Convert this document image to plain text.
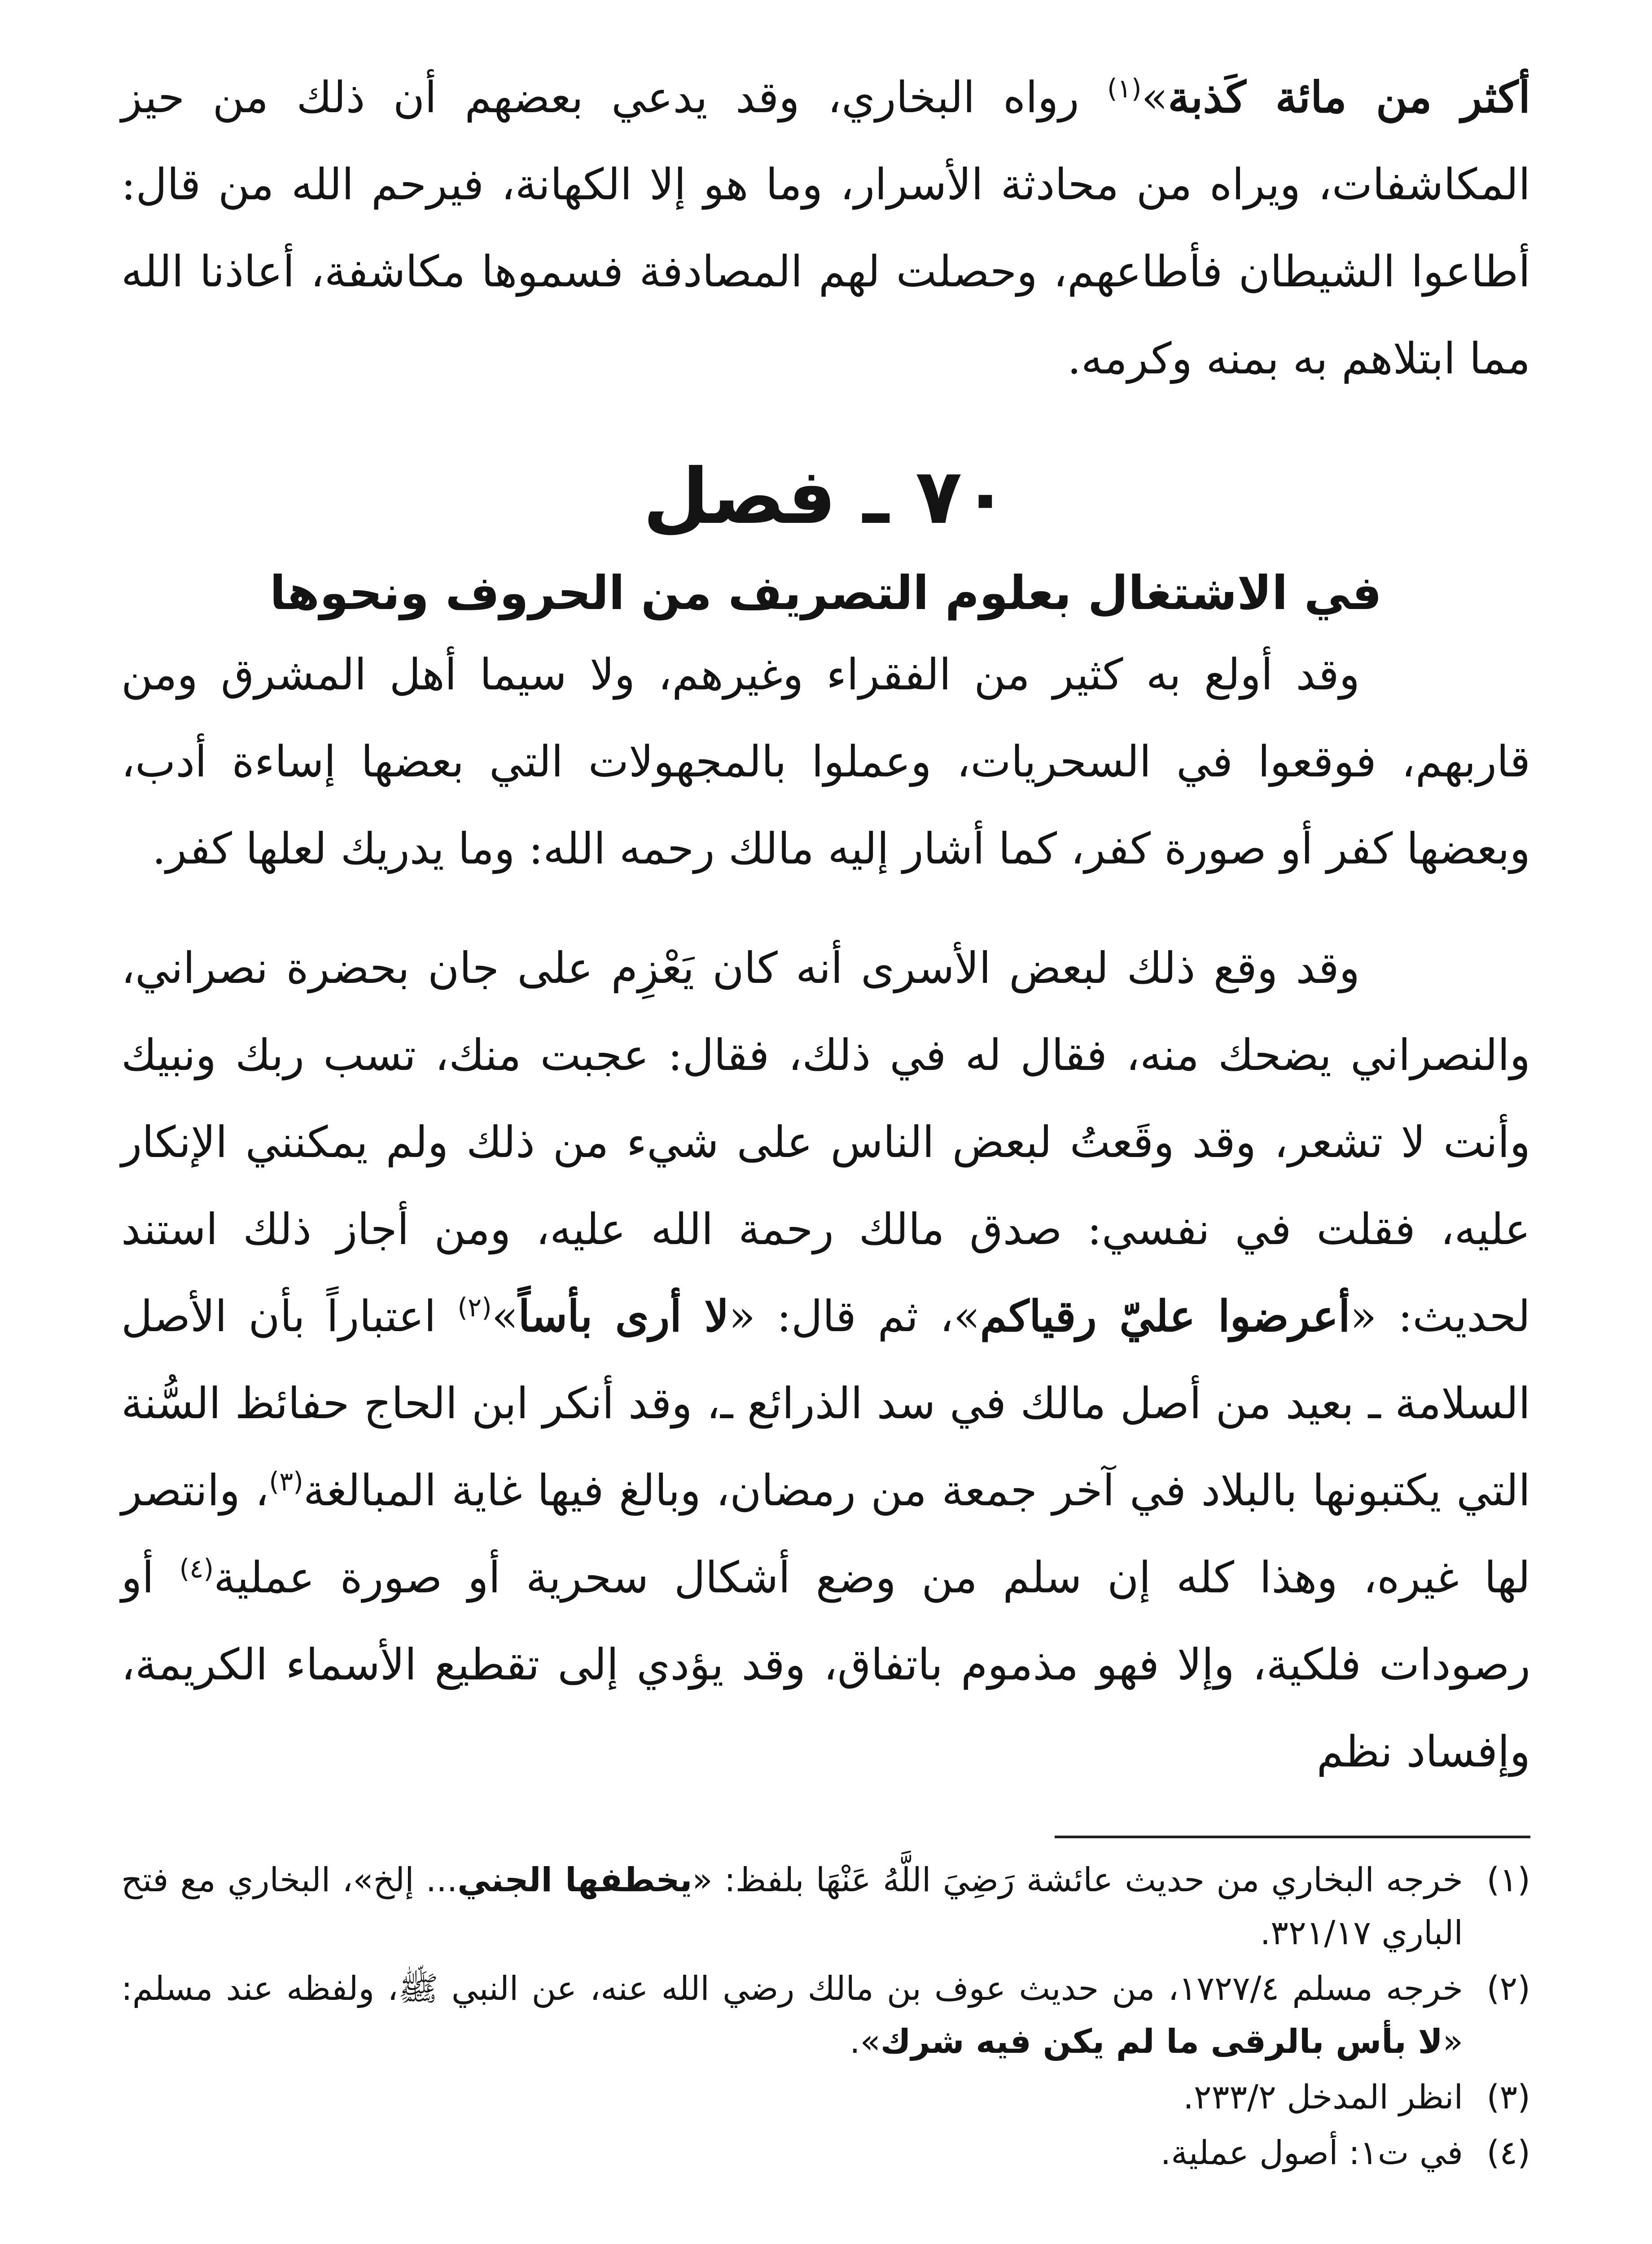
أكثر من مائة كَذبة»$^{(١)}$ رواه البخاري، وقد يدعي بعضهم أن ذلك من حيز المكاشفات، ويراه من محادثة الأسرار، وما هو إلا الكهانة، فيرحم الله من قال: أطاعوا الشيطان فأطاعهم، وحصلت لهم المصادفة فسموها مكاشفة، أعاذنا الله مما ابتلاهم به بمنه وكرمه.

٧٠ ـ فصل
في الاشتغال بعلوم التصريف من الحروف ونحوها

وقد أولع به كثير من الفقراء وغيرهم، ولا سيما أهل المشرق ومن قاربهم، فوقعوا في السحريات، وعملوا بالمجهولات التي بعضها إساءة أدب، وبعضها كفر أو صورة كفر، كما أشار إليه مالك رحمه الله: وما يدريك لعلها كفر.

وقد وقع ذلك لبعض الأسرى أنه كان يَعْزِم على جان بحضرة نصراني، والنصراني يضحك منه، فقال له في ذلك، فقال: عجبت منك، تسب ربك ونبيك وأنت لا تشعر، وقد وقَعتُ لبعض الناس على شيء من ذلك ولم يمكنني الإنكار عليه، فقلت في نفسي: صدق مالك رحمة الله عليه، ومن أجاز ذلك استند لحديث: «أعرضوا عليّ رقياكم»، ثم قال: «لا أرى بأساً»$^{(٢)}$ اعتباراً بأن الأصل السلامة ـ بعيد من أصل مالك في سد الذرائع ـ، وقد أنكر ابن الحاج حفائظ السُّنة التي يكتبونها بالبلاد في آخر جمعة من رمضان، وبالغ فيها غاية المبالغة$^{(٣)}$، وانتصر لها غيره، وهذا كله إن سلم من وضع أشكال سحرية أو صورة عملية$^{(٤)}$ أو رصودات فلكية، وإلا فهو مذموم باتفاق، وقد يؤدي إلى تقطيع الأسماء الكريمة، وإفساد نظم

(١)
خرجه البخاري من حديث عائشة رَضِيَ اللَّهُ عَنْهَا بلفظ: «يخطفها الجني... إلخ»، البخاري مع فتح الباري ٣٢١/١٧.
(٢)
خرجه مسلم ١٧٢٧/٤، من حديث عوف بن مالك رضي الله عنه، عن النبي ﷺ، ولفظه عند مسلم: «لا بأس بالرقى ما لم يكن فيه شرك».
(٣)
انظر المدخل ٢٣٣/٢.
(٤)
في ت١: أصول عملية.
